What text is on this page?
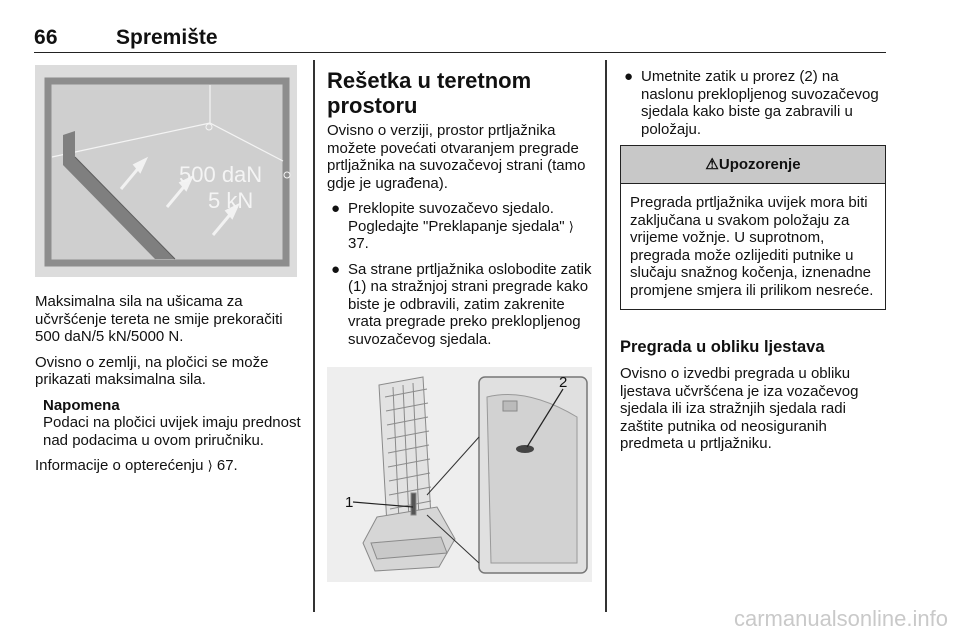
66	Spremište
500 daN
5 kN

Maksimalna sila na ušicama za učvršćenje tereta ne smije prekoračiti 500 daN/5 kN/5000 N.

Ovisno o zemlji, na pločici se može prikazati maksimalna sila.

Napomena
Podaci na pločici uvijek imaju prednost nad podacima u ovom priručniku.

Informacije o opterećenju ⟩ 67.

Rešetka u teretnom prostoru

Ovisno o verziji, prostor prtljažnika možete povećati otvaranjem pregrade prtljažnika na suvozačevoj strani (tamo gdje je ugrađena).

● Preklopite suvozačevo sjedalo. Pogledajte "Preklapanje sjedala" ⟩ 37.
● Sa strane prtljažnika oslobodite zatik (1) na stražnjoj strani pregrade kako biste je odbravili, zatim zakrenite vrata pregrade preko preklopljenog suvozačevog sjedala.
1
2
● Umetnite zatik u prorez (2) na naslonu preklopljenog suvozačevog sjedala kako biste ga zabravili u položaju.
⚠Upozorenje
Pregrada prtljažnika uvijek mora biti zaključana u svakom položaju za vrijeme vožnje. U suprotnom, pregrada može ozlijediti putnike u slučaju snažnog kočenja, iznenadne promjene smjera ili prilikom nesreće.
Pregrada u obliku ljestava

Ovisno o izvedbi pregrada u obliku ljestava učvršćena je iza vozačevog sjedala ili iza stražnjih sjedala radi zaštite putnika od neosiguranih predmeta u prtljažniku.

carmanualsonline.info
